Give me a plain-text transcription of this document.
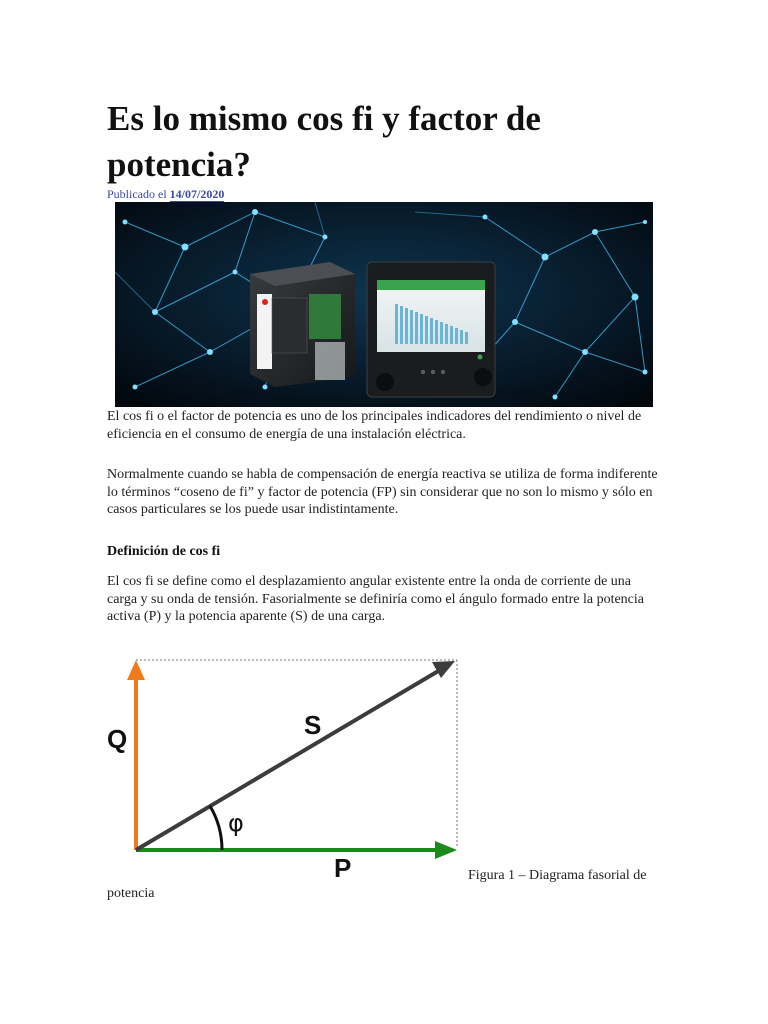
Es lo mismo cos fi y factor de potencia?
Publicado el 14/07/2020

El cos fi o el factor de potencia es uno de los principales indicadores del rendimiento o nivel de eficiencia en el consumo de energía de una instalación eléctrica.

Normalmente cuando se habla de compensación de energía reactiva se utiliza de forma indiferente lo términos “coseno de fi” y factor de potencia (FP) sin considerar que no son lo mismo y sólo en casos particulares se los puede usar indistintamente.

Definición de cos fi

El cos fi se define como el desplazamiento angular existente entre la onda de corriente de una carga y su onda de tensión. Fasorialmente se definiría como el ángulo formado entre la potencia activa (P) y la potencia aparente (S) de una carga.

Q	S
P
φ
Figura 1 – Diagrama fasorial de
potencia
